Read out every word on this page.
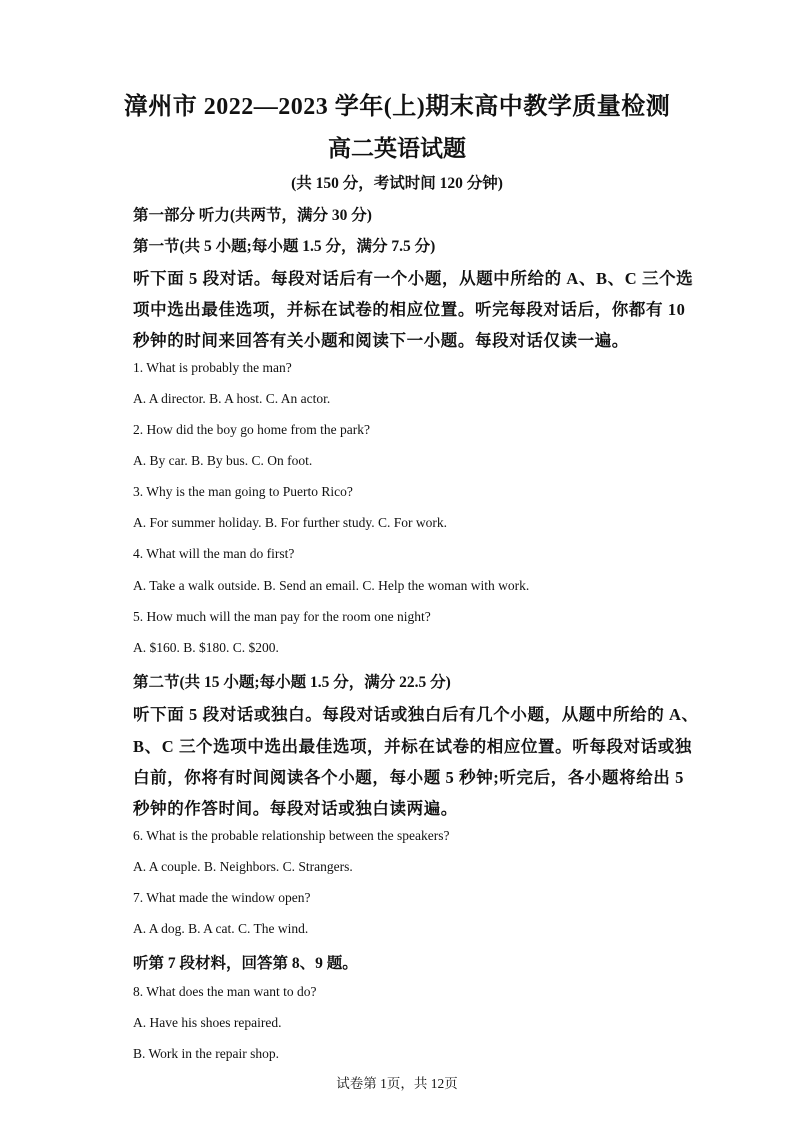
漳州市 2022—2023 学年(上)期末高中教学质量检测
高二英语试题
(共 150 分，考试时间 120 分钟)
第一部分 听力(共两节，满分 30 分)
第一节(共 5 小题;每小题 1.5 分，满分 7.5 分)
听下面 5 段对话。每段对话后有一个小题，从题中所给的 A、B、C 三个选
项中选出最佳选项，并标在试卷的相应位置。听完每段对话后，你都有 10
秒钟的时间来回答有关小题和阅读下一小题。每段对话仅读一遍。
1. What is probably the man?
A. A director. B. A host. C. An actor.
2. How did the boy go home from the park?
A. By car. B. By bus. C. On foot.
3. Why is the man going to Puerto Rico?
A. For summer holiday. B. For further study. C. For work.
4. What will the man do first?
A. Take a walk outside. B. Send an email. C. Help the woman with work.
5. How much will the man pay for the room one night?
A. $160. B. $180. C. $200.
第二节(共 15 小题;每小题 1.5 分，满分 22.5 分)
听下面 5 段对话或独白。每段对话或独白后有几个小题，从题中所给的 A、
B、C 三个选项中选出最佳选项，并标在试卷的相应位置。听每段对话或独
白前，你将有时间阅读各个小题，每小题 5 秒钟;听完后，各小题将给出 5
秒钟的作答时间。每段对话或独白读两遍。
6. What is the probable relationship between the speakers?
A. A couple. B. Neighbors. C. Strangers.
7. What made the window open?
A. A dog. B. A cat. C. The wind.
听第 7 段材料，回答第 8、9 题。
8. What does the man want to do?
A. Have his shoes repaired.
B. Work in the repair shop.
试卷第 1页，共 12页
